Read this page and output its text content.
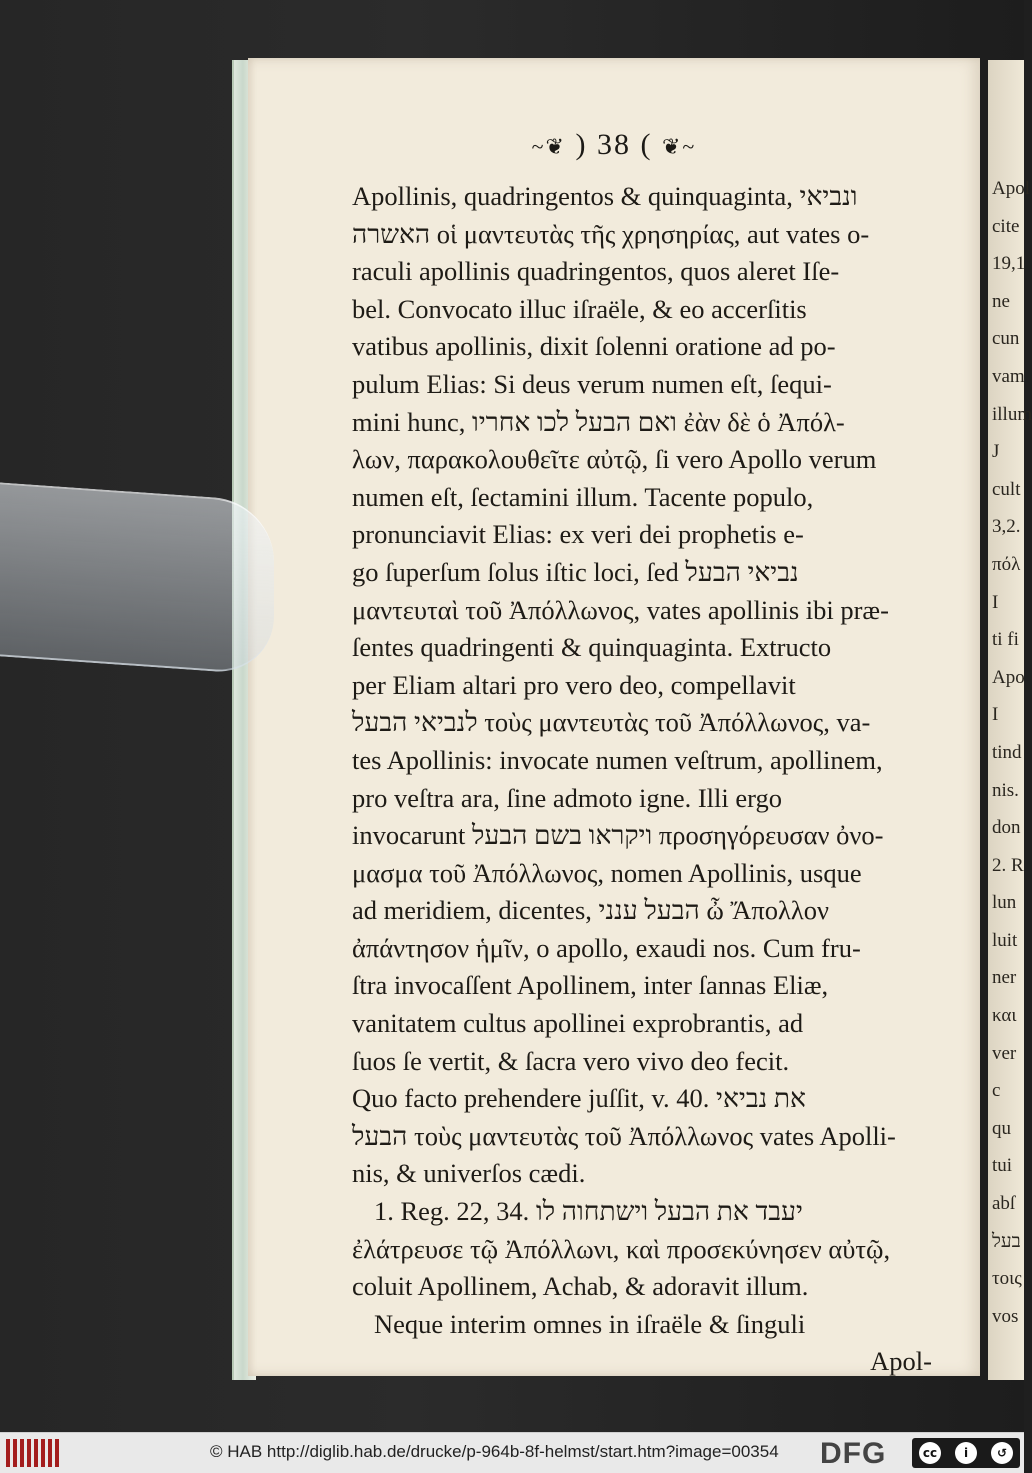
~❦ ) 38 ( ❦~
Apollinis, quadringentos & quinquaginta, ונביאי
האשרה οἱ μαντευτὰς τῆς χρησηρίας, aut vates o-
raculi apollinis quadringentos, quos aleret Iſe-
bel. Convocato illuc iſraële, & eo accerſitis
vatibus apollinis, dixit ſolenni oratione ad po-
pulum Elias: Si deus verum numen eſt, ſequi-
mini hunc, ואם הבעל לכו אחריו ἐὰν δὲ ὁ Ἀπόλ-
λων, παρακολουθεῖτε αὐτῷ, ſi vero Apollo verum
numen eſt, ſectamini illum. Tacente populo,
pronunciavit Elias: ex veri dei prophetis e-
go ſuperſum ſolus iſtic loci, ſed נביאי הבעל
μαντευταὶ τοῦ Ἀπόλλωνος, vates apollinis ibi præ-
ſentes quadringenti & quinquaginta. Extructo
per Eliam altari pro vero deo, compellavit
לנביאי הבעל τοὺς μαντευτὰς τοῦ Ἀπόλλωνος, va-
tes Apollinis: invocate numen veſtrum, apollinem,
pro veſtra ara, ſine admoto igne. Illi ergo
invocarunt ויקראו בשם הבעל προσηγόρευσαν ὀνο-
μασμα τοῦ Ἀπόλλωνος, nomen Apollinis, usque
ad meridiem, dicentes, הבעל ענני ὦ Ἄπολλον
ἀπάντησον ἡμῖν, o apollo, exaudi nos. Cum fru-
ſtra invocaſſent Apollinem, inter ſannas Eliæ,
vanitatem cultus apollinei exprobrantis, ad
ſuos ſe vertit, & ſacra vero vivo deo fecit.
Quo facto prehendere juſſit, v. 40. את נביאי
הבעל τοὺς μαντευτὰς τοῦ Ἀπόλλωνος vates Apolli-
nis, & univerſos cædi.
1. Reg. 22, 34. יעבד את הבעל וישתחוה לו
ἐλάτρευσε τῷ Ἀπόλλωνι, καὶ προσεκύνησεν αὐτῷ,
coluit Apollinem, Achab, & adoravit illum.
Neque interim omnes in iſraële & ſinguli
Apol-
Apol
cite
19,1
ne
cun
vam
illum
J
cult
3,2.
πόλ
I
ti fi
Apo
I
tind
nis.
don
2. R
lun
luit
ner
και
ver
c
qu
tui
abſ
בעל
τοις
vos
© HAB http://diglib.hab.de/drucke/p-964b-8f-helmst/start.htm?image=00354 DFG	cc	i	↺
